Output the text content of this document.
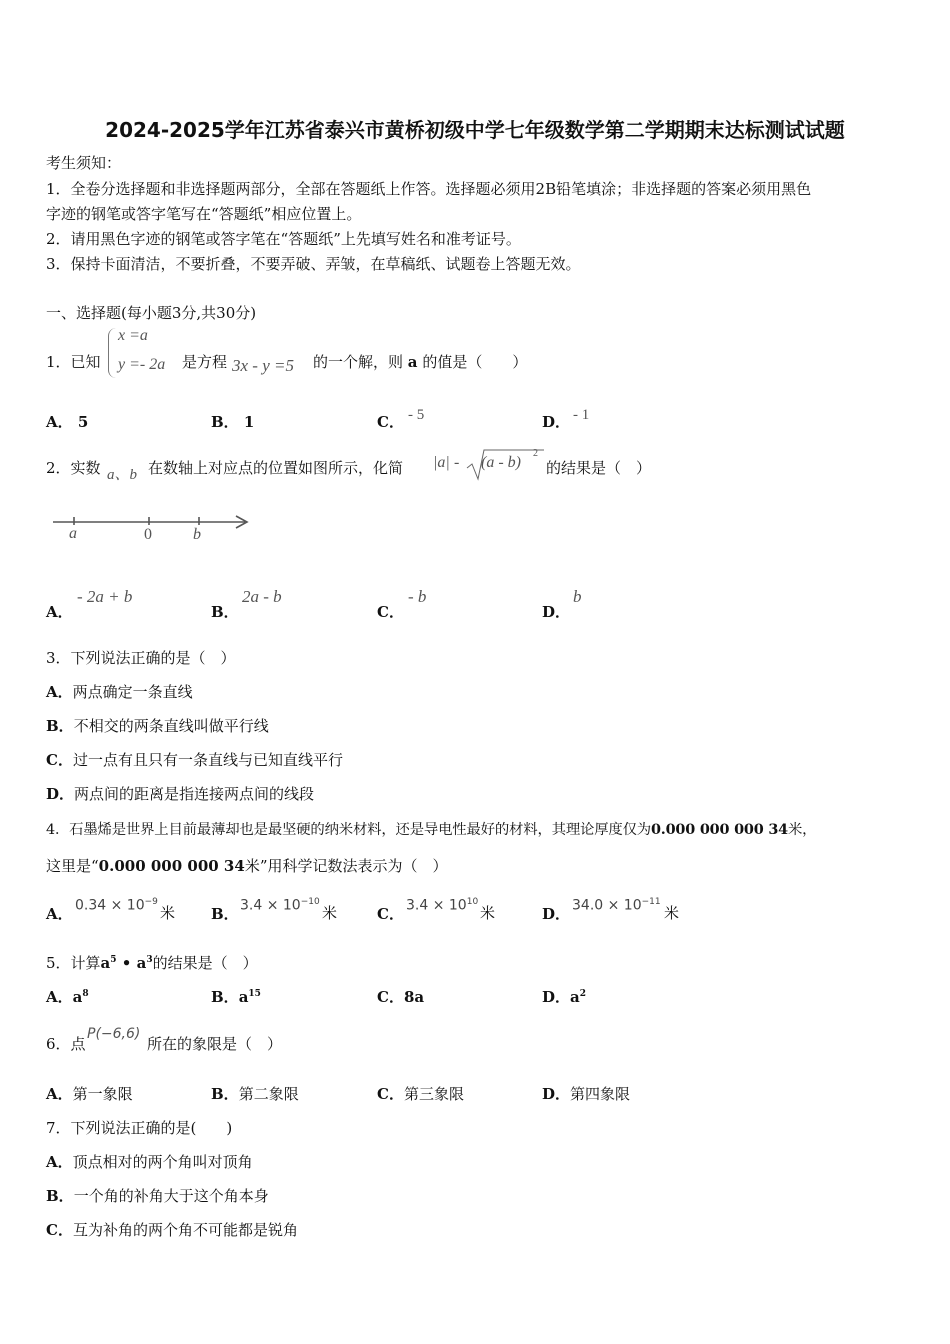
2024-2025学年江苏省泰兴市黄桥初级中学七年级数学第二学期期末达标测试试题
考生须知：
1．全卷分选择题和非选择题两部分，全部在答题纸上作答。选择题必须用2B铅笔填涂；非选择题的答案必须用黑色
字迹的钢笔或答字笔写在“答题纸”相应位置上。
2．请用黑色字迹的钢笔或答字笔在“答题纸”上先填写姓名和准考证号。
3．保持卡面清洁，不要折叠，不要弄破、弄皱，在草稿纸、试题卷上答题无效。
一、选择题(每小题3分,共30分)
1．已知
x =a
y =- 2a 是方程 3x - y =5 的一个解，则 a 的值是（　　）
A． 5	B． 1	C． - 5	D． - 1
2．实数 a、b 在数轴上对应点的位置如图所示，化简 |a| - (a - b)
2
的结果是（　）
a	0	b
A．
- 2a + b
B．
2a - b
C．
- b
D．
b
3．下列说法正确的是（　）
A．两点确定一条直线
B．不相交的两条直线叫做平行线
C．过一点有且只有一条直线与已知直线平行
D．两点间的距离是指连接两点间的线段
4．石墨烯是世界上目前最薄却也是最坚硬的纳米材料，还是导电性最好的材料，其理论厚度仅为0.000 000 000 34米，
这里是“0.000 000 000 34米”用科学记数法表示为（　）
A． $0.34 \times 10^{-9}$
米 B． $3.4 \times 10^{-10}$
米	C． $3.4 \times 10^{10}$
米	D． $34.0 \times 10^{-11}$
米
5．计算$a^5$ • $a^3$的结果是（　）
A．$a^8$	B．$a^{15}$	C．8a	D．$a^2$
6．点
P(−6,6)
所在的象限是（　）
A．第一象限	B．第二象限	C．第三象限	D．第四象限
7．下列说法正确的是(　　)
A．顶点相对的两个角叫对顶角
B．一个角的补角大于这个角本身
C．互为补角的两个角不可能都是锐角
